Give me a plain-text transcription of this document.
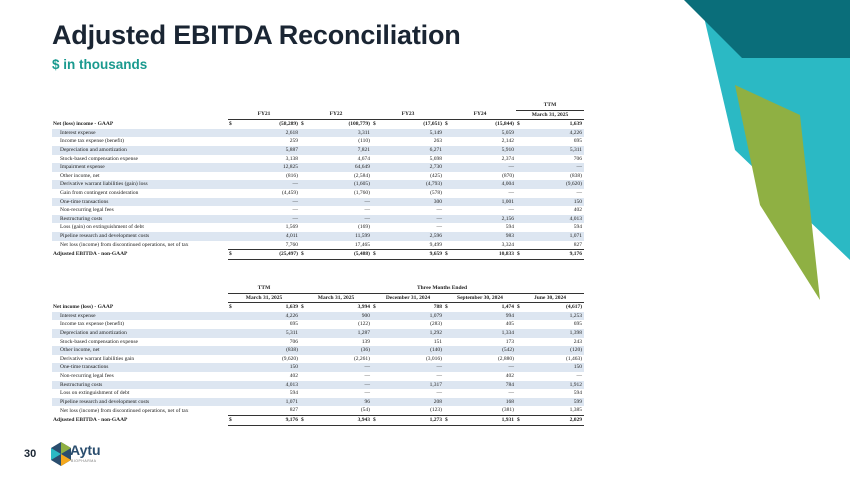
Adjusted EBITDA Reconciliation
$ in thousands
									TTM	
	FY21		FY22		FY23		FY24		March 31, 2025	
Net (loss) income - GAAP	$	(58,289)	$	(108,779)	$	(17,051)	$	(15,844)	$	1,639
Interest expense		2,618		3,311		5,149		5,059		4,226
Income tax expense (benefit)		259		(110)		263		2,142		695
Depreciation and amortization		5,887		7,821		6,271		5,910		5,311
Stock-based compensation expense		3,138		4,674		5,698		2,374		706
Impairment expense		12,825		64,649		2,730		—		—
Other income, net		(816)		(2,584)		(425)		(870)		(838)
Derivative warrant liabilities (gain) loss		—		(1,605)		(4,793)		4,004		(9,620)
Gain from contingent consideration		(4,459)		(1,760)		(578)		—		—
One-time transactions		—		—		300		1,001		150
Non-recurring legal fees		—		—		—		—		402
Restructuring costs		—		—		—		2,156		4,013
Loss (gain) on extinguishment of debt		1,569		(169)		—		594		594
Pipeline research and development costs		4,011		11,599		2,596		983		1,071
Net loss (income) from discontinued operations, net of tax		7,760		17,465		9,499		3,324		827
Adjusted EBITDA - non-GAAP	$	(25,497)	$	(5,488)	$	9,659	$	10,833	$	9,176
	TTM		Three Months Ended							
	March 31, 2025		March 31, 2025		December 31, 2024		September 30, 2024		June 30, 2024	
Net income (loss) - GAAP	$	1,639	$	3,994	$	788	$	1,474	$	(4,617)
Interest expense		4,226		900		1,079		994		1,253
Income tax expense (benefit)		695		(122)		(283)		405		695
Depreciation and amortization		5,311		1,287		1,292		1,334		1,398
Stock-based compensation expense		706		139		151		173		243
Other income, net		(838)		(36)		(140)		(542)		(120)
Derivative warrant liabilities gain		(9,620)		(2,261)		(3,016)		(2,880)		(1,463)
One-time transactions		150		—		—		—		150
Non-recurring legal fees		402		—		—		402		—
Restructuring costs		4,013		—		1,317		784		1,912
Loss on extinguishment of debt		594		—		—		—		594
Pipeline research and development costs		1,071		96		208		168		599
Net loss (income) from discontinued operations, net of tax		827		(54)		(123)		(381)		1,385
Adjusted EBITDA - non-GAAP	$	9,176	$	3,943	$	1,273	$	1,931	$	2,029
30 Aytu
BIOPHARMA
